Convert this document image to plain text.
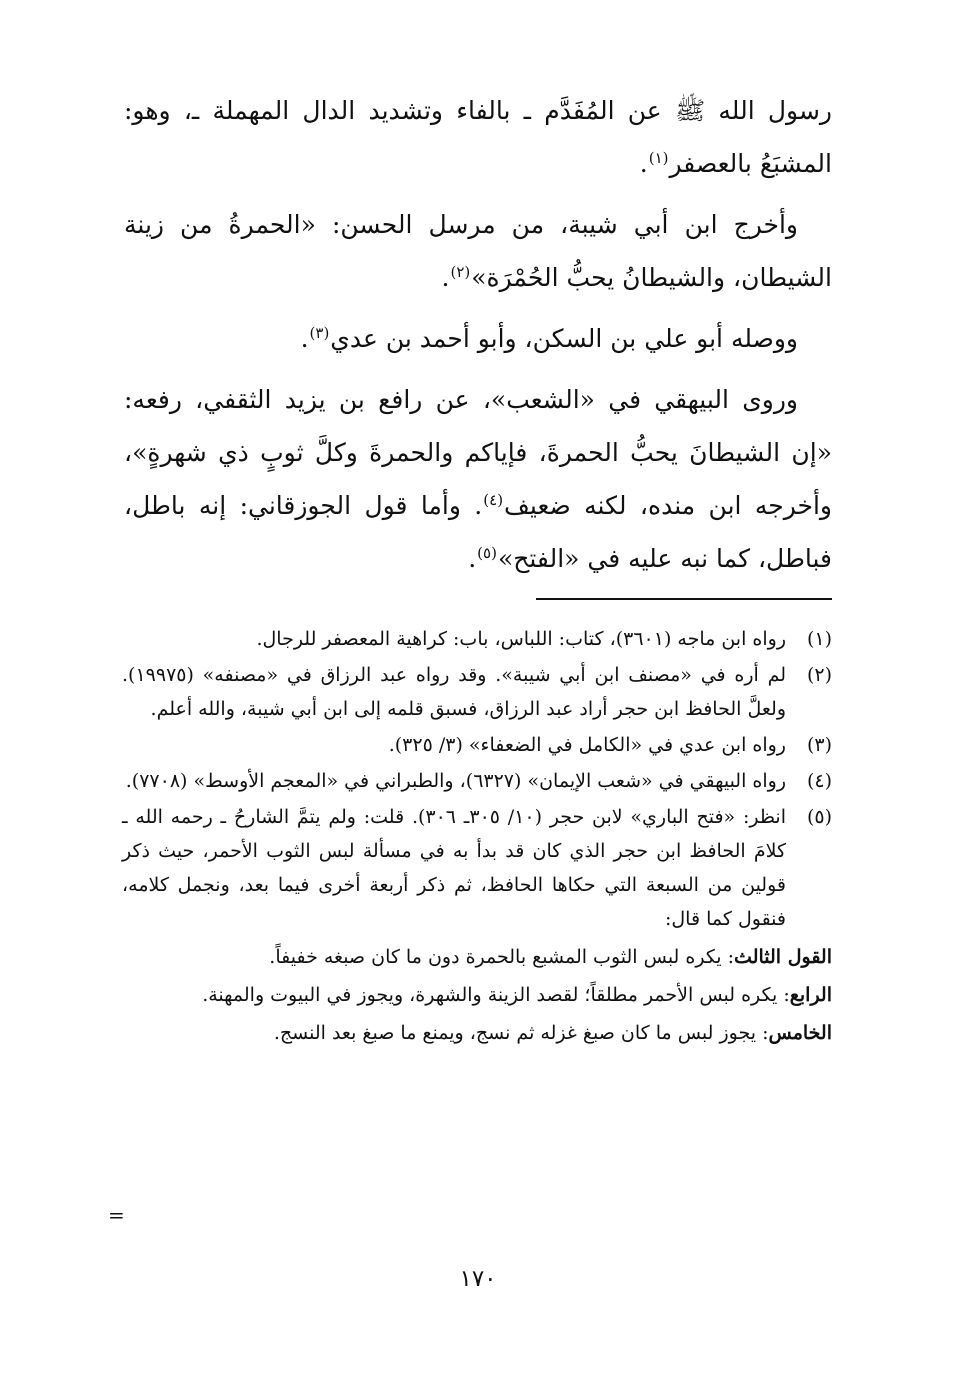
رسول الله ﷺ عن المُفَدَّم ـ بالفاء وتشديد الدال المهملة ـ، وهو: المشبَعُ بالعصفر$^{(١)}$.

وأخرج ابن أبي شيبة، من مرسل الحسن: «الحمرةُ من زينة الشيطان، والشيطانُ يحبُّ الحُمْرَة»$^{(٢)}$.

ووصله أبو علي بن السكن، وأبو أحمد بن عدي$^{(٣)}$.

وروى البيهقي في «الشعب»، عن رافع بن يزيد الثقفي، رفعه: «إن الشيطانَ يحبُّ الحمرةَ، فإياكم والحمرةَ وكلَّ ثوبٍ ذي شهرةٍ»، وأخرجه ابن منده، لكنه ضعيف$^{(٤)}$. وأما قول الجوزقاني: إنه باطل، فباطل، كما نبه عليه في «الفتح»$^{(٥)}$.

(١)
رواه ابن ماجه (٣٦٠١)، كتاب: اللباس، باب: كراهية المعصفر للرجال.
(٢)
لم أره في «مصنف ابن أبي شيبة». وقد رواه عبد الرزاق في «مصنفه» (١٩٩٧٥). ولعلَّ الحافظ ابن حجر أراد عبد الرزاق، فسبق قلمه إلى ابن أبي شيبة، والله أعلم.
(٣)
رواه ابن عدي في «الكامل في الضعفاء» (٣/ ٣٢٥).
(٤)
رواه البيهقي في «شعب الإيمان» (٦٣٢٧)، والطبراني في «المعجم الأوسط» (٧٧٠٨).
(٥)
انظر: «فتح الباري» لابن حجر (١٠/ ٣٠٥ـ ٣٠٦). قلت: ولم يتمَّ الشارحُ ـ رحمه الله ـ كلامَ الحافظ ابن حجر الذي كان قد بدأ به في مسألة لبس الثوب الأحمر، حيث ذكر قولين من السبعة التي حكاها الحافظ، ثم ذكر أربعة أخرى فيما بعد، ونجمل كلامه، فنقول كما قال:
القول الثالث: يكره لبس الثوب المشبع بالحمرة دون ما كان صبغه خفيفاً.
الرابع: يكره لبس الأحمر مطلقاً؛ لقصد الزينة والشهرة، ويجوز في البيوت والمهنة.
الخامس: يجوز لبس ما كان صبغ غزله ثم نسج، ويمنع ما صبغ بعد النسج.
=
١٧٠
